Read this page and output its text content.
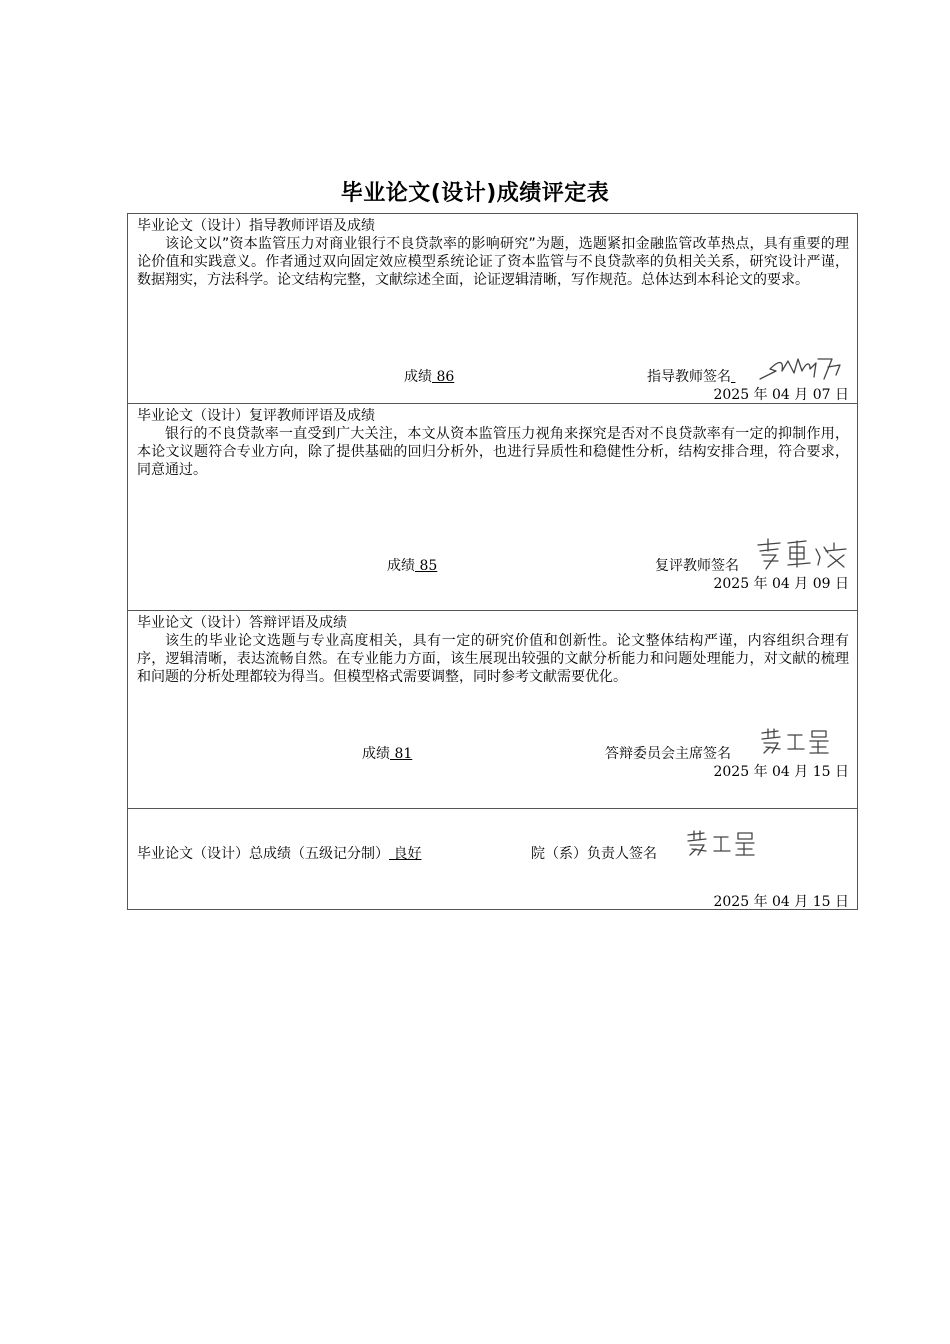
毕业论文(设计)成绩评定表
毕业论文（设计）指导教师评语及成绩
该论文以”资本监管压力对商业银行不良贷款率的影响研究”为题，选题紧扣金融监管改革热点，具有重要的理论价值和实践意义。作者通过双向固定效应模型系统论证了资本监管与不良贷款率的负相关关系，研究设计严谨，数据翔实，方法科学。论文结构完整，文献综述全面，论证逻辑清晰，写作规范。总体达到本科论文的要求。
成绩 86	指导教师签名
2025 年 04 月 07 日
毕业论文（设计）复评教师评语及成绩
银行的不良贷款率一直受到广大关注，本文从资本监管压力视角来探究是否对不良贷款率有一定的抑制作用，本论文议题符合专业方向，除了提供基础的回归分析外，也进行异质性和稳健性分析，结构安排合理，符合要求，同意通过。
成绩 85	复评教师签名
2025 年 04 月 09 日
毕业论文（设计）答辩评语及成绩
该生的毕业论文选题与专业高度相关，具有一定的研究价值和创新性。论文整体结构严谨，内容组织合理有序，逻辑清晰，表达流畅自然。在专业能力方面，该生展现出较强的文献分析能力和问题处理能力，对文献的梳理和问题的分析处理都较为得当。但模型格式需要调整，同时参考文献需要优化。
成绩 81	答辩委员会主席签名
2025 年 04 月 15 日
毕业论文（设计）总成绩（五级记分制） 良好	院（系）负责人签名
2025 年 04 月 15 日
